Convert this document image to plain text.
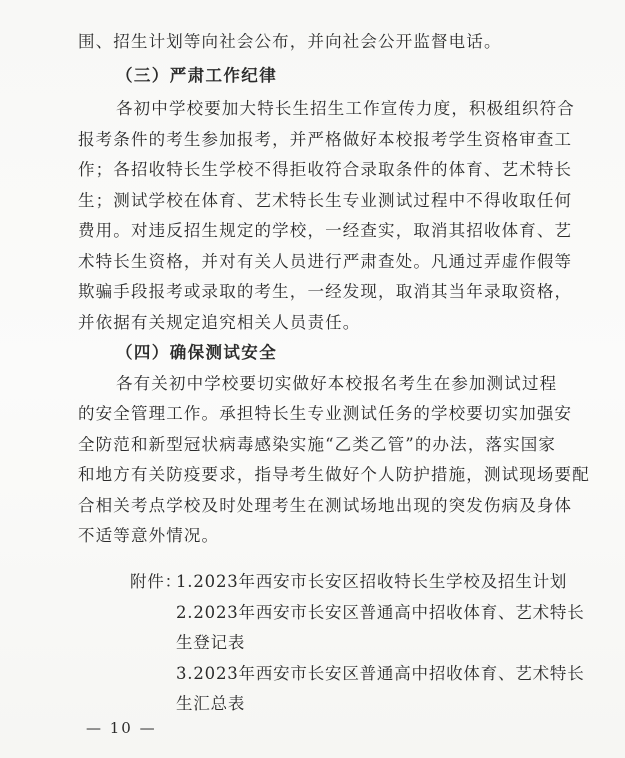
围、招生计划等向社会公布，并向社会公开监督电话。
（三）严肃工作纪律
各初中学校要加大特长生招生工作宣传力度，积极组织符合
报考条件的考生参加报考，并严格做好本校报考学生资格审查工
作；各招收特长生学校不得拒收符合录取条件的体育、艺术特长
生；测试学校在体育、艺术特长生专业测试过程中不得收取任何
费用。对违反招生规定的学校，一经查实，取消其招收体育、艺
术特长生资格，并对有关人员进行严肃查处。凡通过弄虚作假等
欺骗手段报考或录取的考生，一经发现，取消其当年录取资格，
并依据有关规定追究相关人员责任。
（四）确保测试安全
各有关初中学校要切实做好本校报名考生在参加测试过程
的安全管理工作。承担特长生专业测试任务的学校要切实加强安
全防范和新型冠状病毒感染实施“乙类乙管”的办法，落实国家
和地方有关防疫要求，指导考生做好个人防护措施，测试现场要配
合相关考点学校及时处理考生在测试场地出现的突发伤病及身体
不适等意外情况。
附件：
1.2023年西安市长安区招收特长生学校及招生计划
2.2023年西安市长安区普通高中招收体育、艺术特长
生登记表
3.2023年西安市长安区普通高中招收体育、艺术特长
生汇总表
— 10 —
